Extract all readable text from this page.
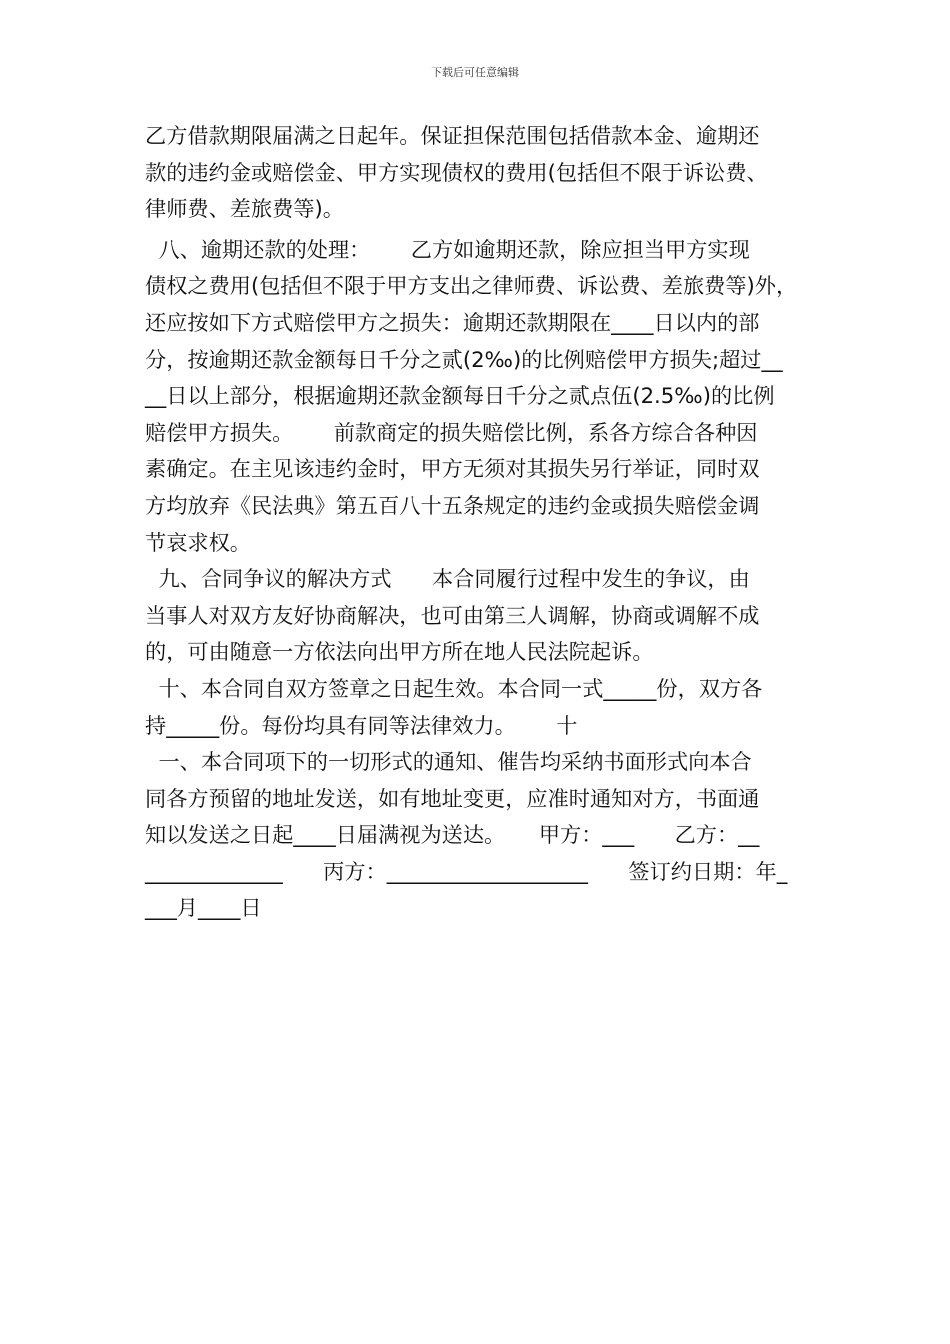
下载后可任意编辑
乙方借款期限届满之日起年。保证担保范围包括借款本金、逾期还
款的违约金或赔偿金、甲方实现债权的费用(包括但不限于诉讼费、
律师费、差旅费等)。
八、逾期还款的处理：      乙方如逾期还款，除应担当甲方实现
债权之费用(包括但不限于甲方支出之律师费、诉讼费、差旅费等)外，
还应按如下方式赔偿甲方之损失：逾期还款期限在____日以内的部
分，按逾期还款金额每日千分之贰(2‰)的比例赔偿甲方损失;超过__
__日以上部分，根据逾期还款金额每日千分之贰点伍(2.5‰)的比例
赔偿甲方损失。      前款商定的损失赔偿比例，系各方综合各种因
素确定。在主见该违约金时，甲方无须对其损失另行举证，同时双
方均放弃《民法典》第五百八十五条规定的违约金或损失赔偿金调
节哀求权。
九、合同争议的解决方式      本合同履行过程中发生的争议，由
当事人对双方友好协商解决，也可由第三人调解，协商或调解不成
的，可由随意一方依法向出甲方所在地人民法院起诉。
十、本合同自双方签章之日起生效。本合同一式_____份，双方各
持_____份。每份均具有同等法律效力。      十
一、本合同项下的一切形式的通知、催告均采纳书面形式向本合
同各方预留的地址发送，如有地址变更，应准时通知对方，书面通
知以发送之日起____日届满视为送达。     甲方：___      乙方：__
_____________      丙方：___________________      签订约日期：年_
___月____日
